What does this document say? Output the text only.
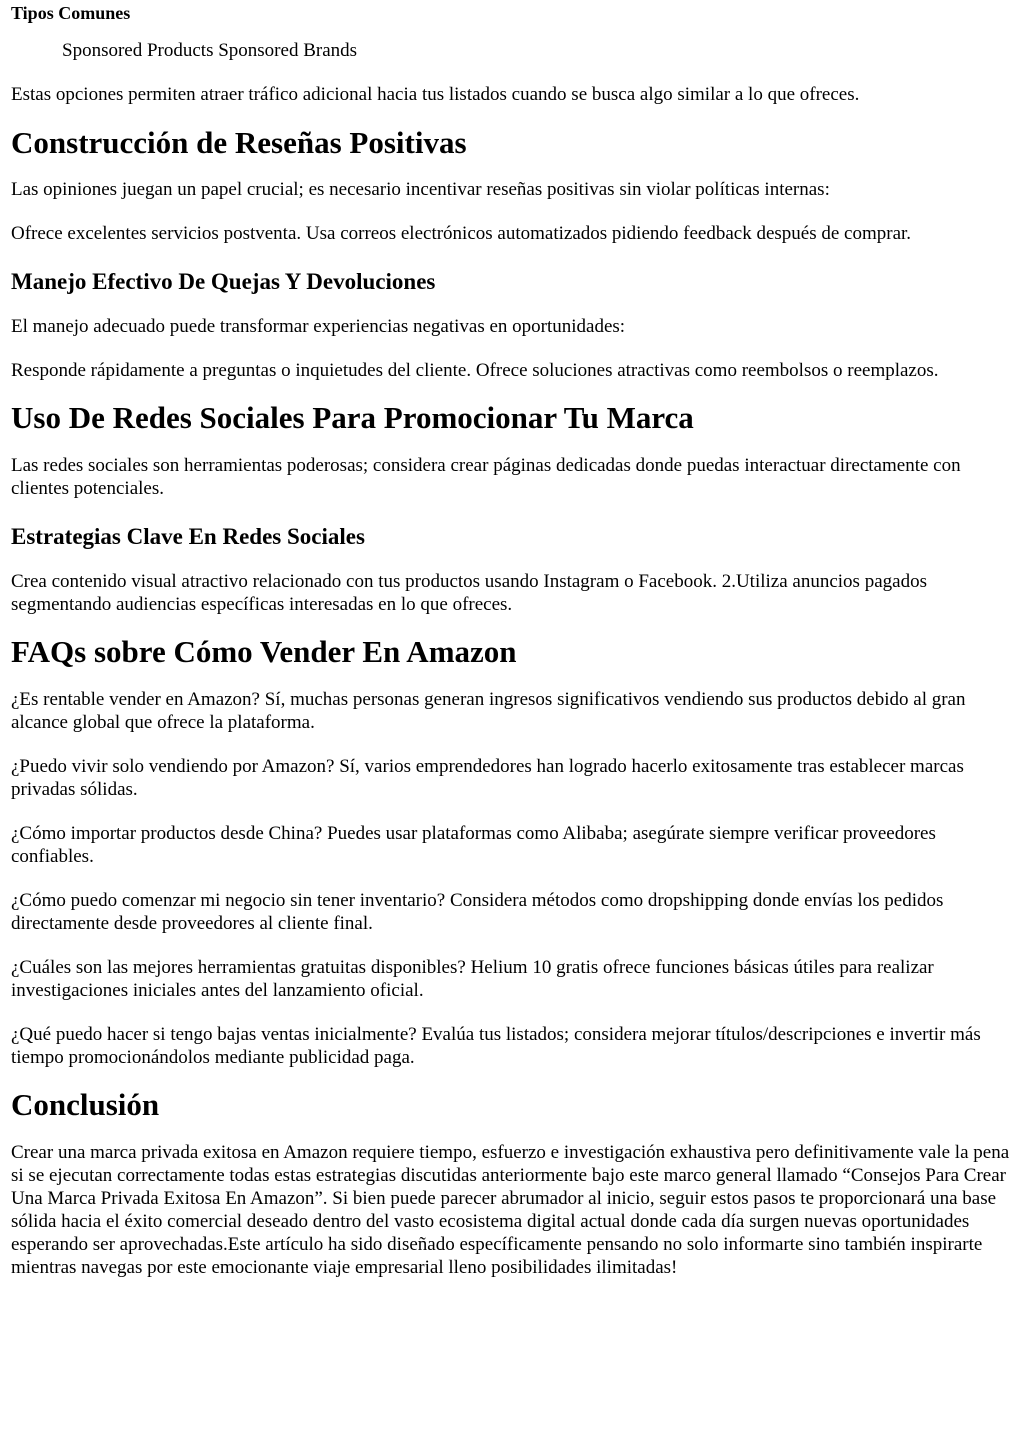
Tipos Comunes
Sponsored Products Sponsored Brands

Estas opciones permiten atraer tráfico adicional hacia tus listados cuando se busca algo similar a lo que ofreces.

Construcción de Reseñas Positivas

Las opiniones juegan un papel crucial; es necesario incentivar reseñas positivas sin violar políticas internas:

Ofrece excelentes servicios postventa. Usa correos electrónicos automatizados pidiendo feedback después de comprar.

Manejo Efectivo De Quejas Y Devoluciones

El manejo adecuado puede transformar experiencias negativas en oportunidades:

Responde rápidamente a preguntas o inquietudes del cliente. Ofrece soluciones atractivas como reembolsos o reemplazos.

Uso De Redes Sociales Para Promocionar Tu Marca

Las redes sociales son herramientas poderosas; considera crear páginas dedicadas donde puedas interactuar directamente con clientes potenciales.

Estrategias Clave En Redes Sociales

Crea contenido visual atractivo relacionado con tus productos usando Instagram o Facebook. 2.Utiliza anuncios pagados segmentando audiencias específicas interesadas en lo que ofreces.

FAQs sobre Cómo Vender En Amazon

¿Es rentable vender en Amazon? Sí, muchas personas generan ingresos significativos vendiendo sus productos debido al gran alcance global que ofrece la plataforma.

¿Puedo vivir solo vendiendo por Amazon? Sí, varios emprendedores han logrado hacerlo exitosamente tras establecer marcas privadas sólidas.

¿Cómo importar productos desde China? Puedes usar plataformas como Alibaba; asegúrate siempre verificar proveedores confiables.

¿Cómo puedo comenzar mi negocio sin tener inventario? Considera métodos como dropshipping donde envías los pedidos directamente desde proveedores al cliente final.

¿Cuáles son las mejores herramientas gratuitas disponibles? Helium 10 gratis ofrece funciones básicas útiles para realizar investigaciones iniciales antes del lanzamiento oficial.

¿Qué puedo hacer si tengo bajas ventas inicialmente? Evalúa tus listados; considera mejorar títulos/descripciones e invertir más tiempo promocionándolos mediante publicidad paga.

Conclusión

Crear una marca privada exitosa en Amazon requiere tiempo, esfuerzo e investigación exhaustiva pero definitivamente vale la pena si se ejecutan correctamente todas estas estrategias discutidas anteriormente bajo este marco general llamado “Consejos Para Crear Una Marca Privada Exitosa En Amazon”. Si bien puede parecer abrumador al inicio, seguir estos pasos te proporcionará una base sólida hacia el éxito comercial deseado dentro del vasto ecosistema digital actual donde cada día surgen nuevas oportunidades esperando ser aprovechadas.Este artículo ha sido diseñado específicamente pensando no solo informarte sino también inspirarte mientras navegas por este emocionante viaje empresarial lleno posibilidades ilimitadas!
